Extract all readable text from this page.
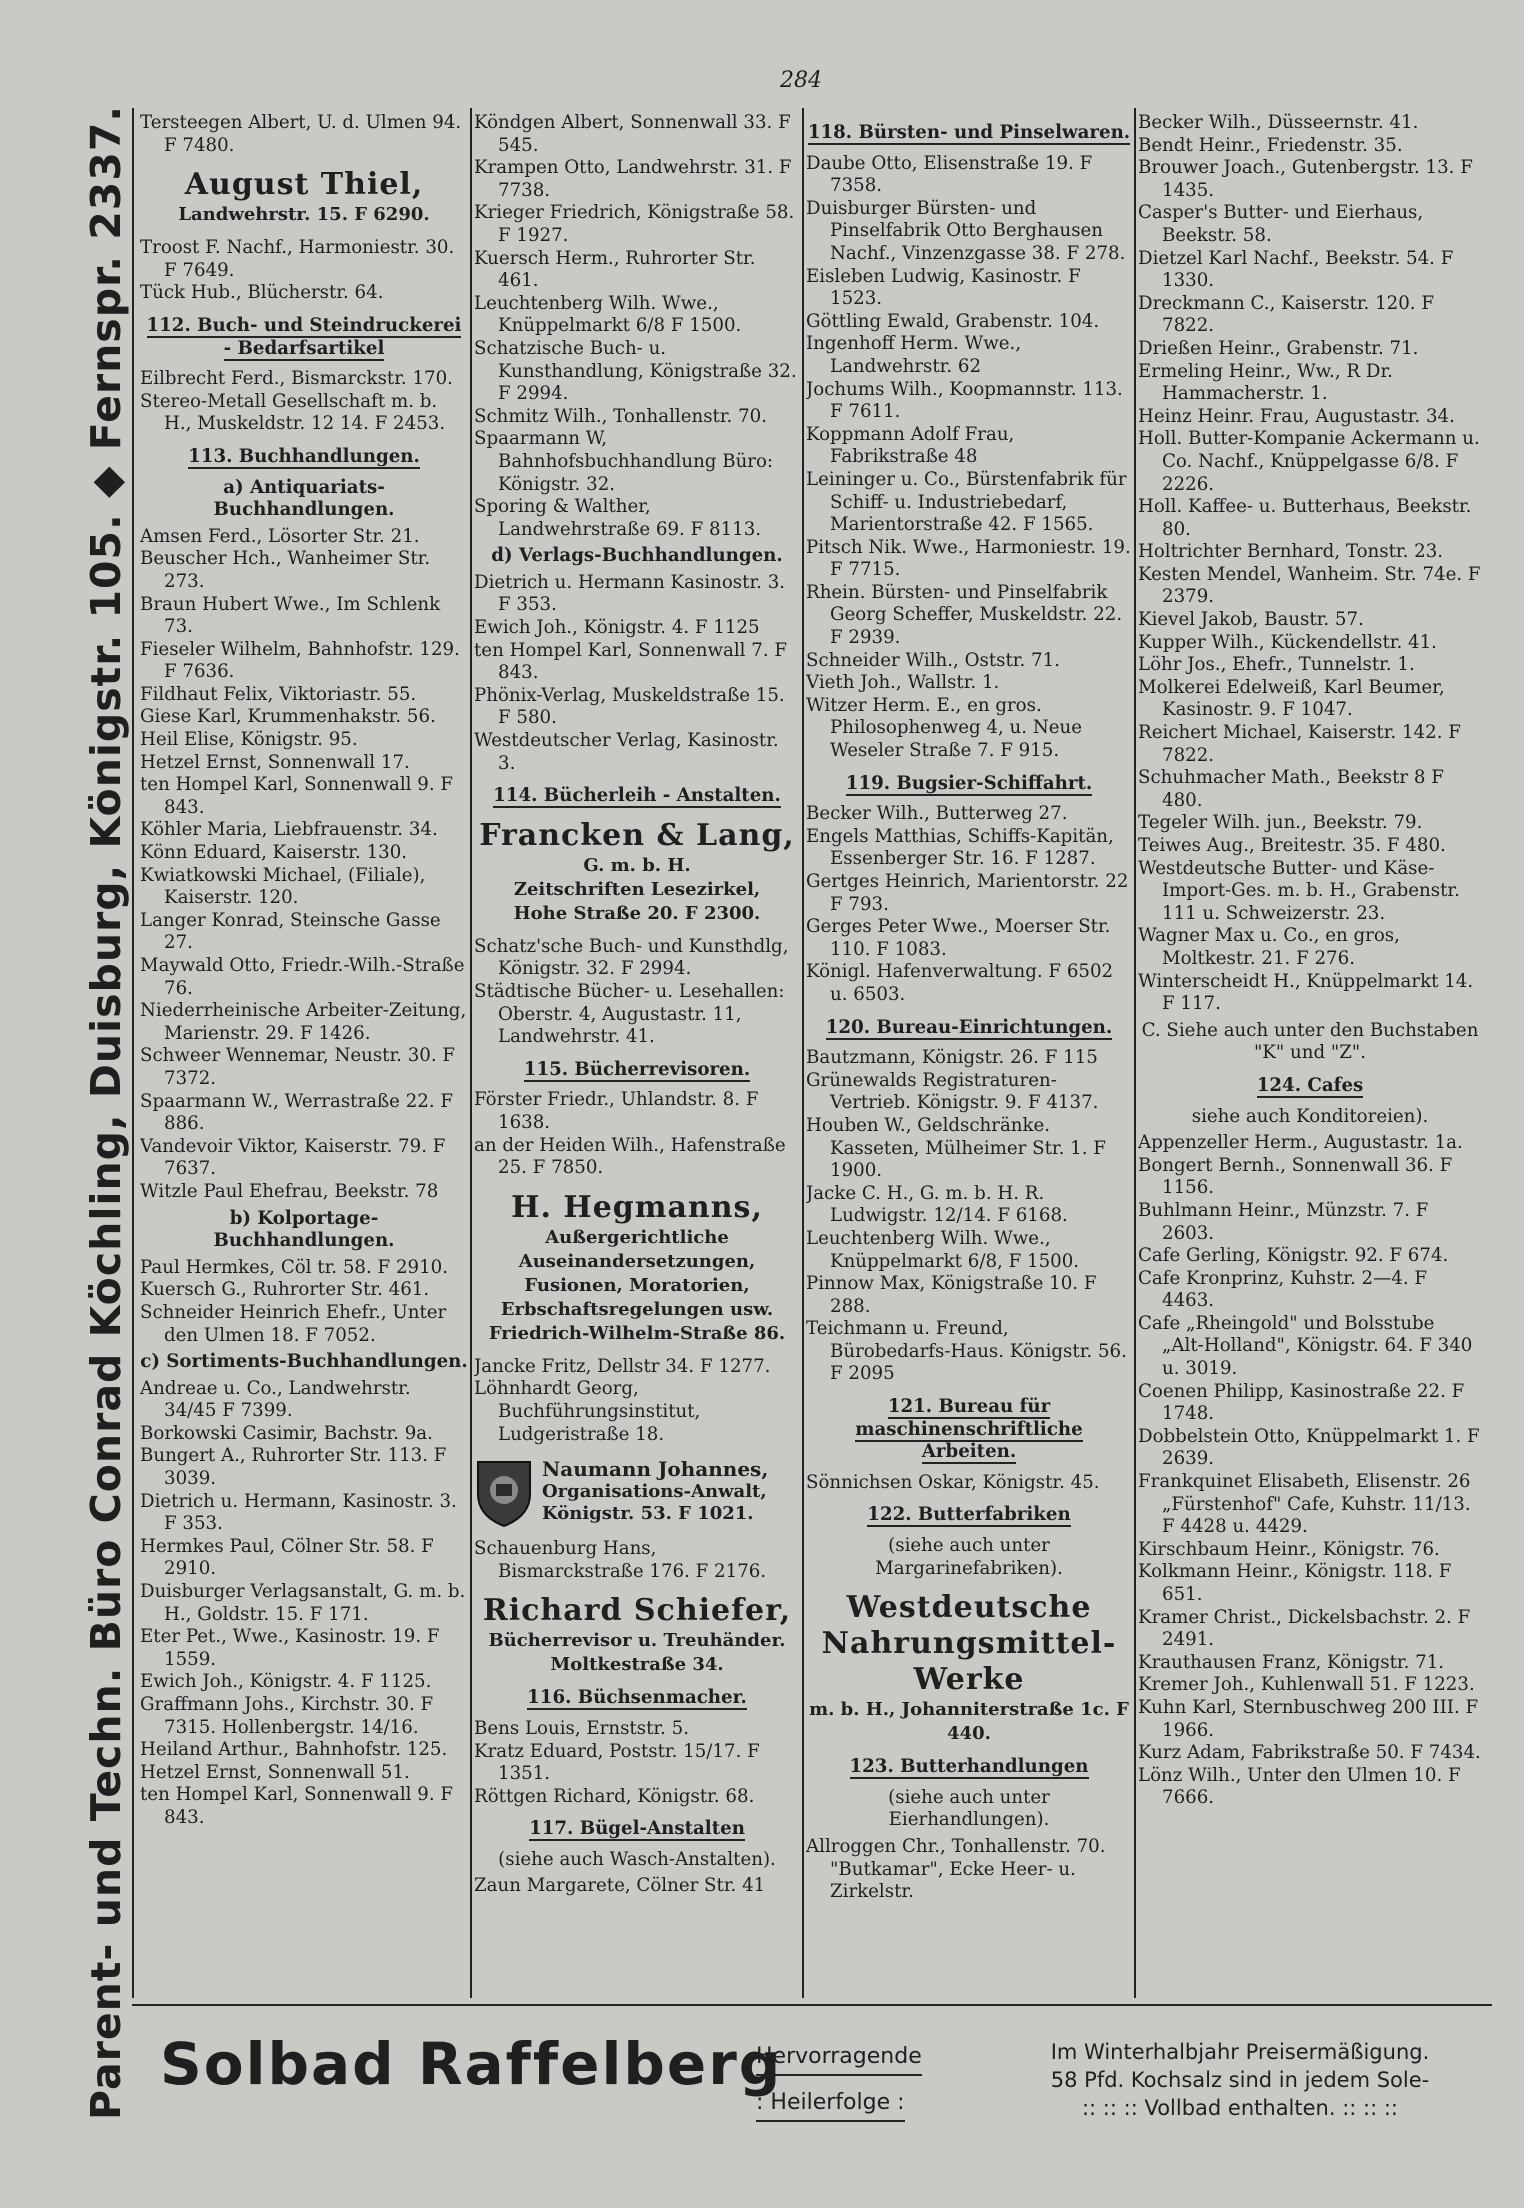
284
Parent- und Techn. Büro Conrad Köchling, Duisburg, Königstr. 105. ◆ Fernspr. 2337. Tersteegen Albert, U. d. Ulmen 94. F 7480.
August Thiel,
Landwehrstr. 15. F 6290.
Troost F. Nachf., Harmoniestr. 30. F 7649.
Tück Hub., Blücherstr. 64.
112. Buch- und Steindruckerei - Bedarfsartikel
Eilbrecht Ferd., Bismarckstr. 170.
Stereo-Metall Gesellschaft m. b. H., Muskeldstr. 12 14. F 2453.
113. Buchhandlungen.
a) Antiquariats-Buchhandlungen.
Amsen Ferd., Lösorter Str. 21.
Beuscher Hch., Wanheimer Str. 273.
Braun Hubert Wwe., Im Schlenk 73.
Fieseler Wilhelm, Bahnhofstr. 129. F 7636.
Fildhaut Felix, Viktoriastr. 55.
Giese Karl, Krummenhakstr. 56.
Heil Elise, Königstr. 95.
Hetzel Ernst, Sonnenwall 17.
ten Hompel Karl, Sonnenwall 9. F 843.
Köhler Maria, Liebfrauenstr. 34.
Könn Eduard, Kaiserstr. 130.
Kwiatkowski Michael, (Filiale), Kaiserstr. 120.
Langer Konrad, Steinsche Gasse 27.
Maywald Otto, Friedr.-Wilh.-Straße 76.
Niederrheinische Arbeiter-Zeitung, Marienstr. 29. F 1426.
Schweer Wennemar, Neustr. 30. F 7372.
Spaarmann W., Werrastraße 22. F 886.
Vandevoir Viktor, Kaiserstr. 79. F 7637.
Witzle Paul Ehefrau, Beekstr. 78
b) Kolportage-Buchhandlungen.
Paul Hermkes, Cöl tr. 58. F 2910.
Kuersch G., Ruhrorter Str. 461.
Schneider Heinrich Ehefr., Unter den Ulmen 18. F 7052.
c) Sortiments-Buchhandlungen.
Andreae u. Co., Landwehrstr. 34/45 F 7399.
Borkowski Casimir, Bachstr. 9a.
Bungert A., Ruhrorter Str. 113. F 3039.
Dietrich u. Hermann, Kasinostr. 3. F 353.
Hermkes Paul, Cölner Str. 58. F 2910.
Duisburger Verlagsanstalt, G. m. b. H., Goldstr. 15. F 171.
Eter Pet., Wwe., Kasinostr. 19. F 1559.
Ewich Joh., Königstr. 4. F 1125.
Graffmann Johs., Kirchstr. 30. F 7315. Hollenbergstr. 14/16.
Heiland Arthur., Bahnhofstr. 125.
Hetzel Ernst, Sonnenwall 51.
ten Hompel Karl, Sonnenwall 9. F 843.
Köndgen Albert, Sonnenwall 33. F 545.
Krampen Otto, Landwehrstr. 31. F 7738.
Krieger Friedrich, Königstraße 58. F 1927.
Kuersch Herm., Ruhrorter Str. 461.
Leuchtenberg Wilh. Wwe., Knüppelmarkt 6/8 F 1500.
Schatzische Buch- u. Kunsthandlung, Königstraße 32. F 2994.
Schmitz Wilh., Tonhallenstr. 70.
Spaarmann W, Bahnhofsbuchhandlung Büro: Königstr. 32.
Sporing & Walther, Landwehrstraße 69. F 8113.
d) Verlags-Buchhandlungen.
Dietrich u. Hermann Kasinostr. 3. F 353.
Ewich Joh., Königstr. 4. F 1125
ten Hompel Karl, Sonnenwall 7. F 843.
Phönix-Verlag, Muskeldstraße 15. F 580.
Westdeutscher Verlag, Kasinostr. 3.
114. Bücherleih - Anstalten.
Francken & Lang,
G. m. b. H.
Zeitschriften Lesezirkel,
Hohe Straße 20. F 2300.
Schatz'sche Buch- und Kunsthdlg, Königstr. 32. F 2994.
Städtische Bücher- u. Lesehallen: Oberstr. 4, Augustastr. 11, Landwehrstr. 41.
115. Bücherrevisoren.
Förster Friedr., Uhlandstr. 8. F 1638.
an der Heiden Wilh., Hafenstraße 25. F 7850.
H. Hegmanns,
Außergerichtliche Auseinandersetzungen, Fusionen, Moratorien, Erbschaftsregelungen usw.
Friedrich-Wilhelm-Straße 86.
Jancke Fritz, Dellstr 34. F 1277.
Löhnhardt Georg, Buchführungsinstitut, Ludgeristraße 18.
Naumann Johannes,
Organisations-Anwalt,
Königstr. 53. F 1021.
Schauenburg Hans, Bismarckstraße 176. F 2176.
Richard Schiefer,
Bücherrevisor u. Treuhänder.
Moltkestraße 34.
116. Büchsenmacher.
Bens Louis, Ernststr. 5.
Kratz Eduard, Poststr. 15/17. F 1351.
Röttgen Richard, Königstr. 68.
117. Bügel-Anstalten
(siehe auch Wasch-Anstalten).
Zaun Margarete, Cölner Str. 41
118. Bürsten- und Pinselwaren.
Daube Otto, Elisenstraße 19. F 7358.
Duisburger Bürsten- und Pinselfabrik Otto Berghausen Nachf., Vinzenzgasse 38. F 278.
Eisleben Ludwig, Kasinostr. F 1523.
Göttling Ewald, Grabenstr. 104.
Ingenhoff Herm. Wwe., Landwehrstr. 62
Jochums Wilh., Koopmannstr. 113. F 7611.
Koppmann Adolf Frau, Fabrikstraße 48
Leininger u. Co., Bürstenfabrik für Schiff- u. Industriebedarf, Marientorstraße 42. F 1565.
Pitsch Nik. Wwe., Harmoniestr. 19. F 7715.
Rhein. Bürsten- und Pinselfabrik Georg Scheffer, Muskeldstr. 22. F 2939.
Schneider Wilh., Oststr. 71.
Vieth Joh., Wallstr. 1.
Witzer Herm. E., en gros. Philosophenweg 4, u. Neue Weseler Straße 7. F 915.
119. Bugsier-Schiffahrt.
Becker Wilh., Butterweg 27.
Engels Matthias, Schiffs-Kapitän, Essenberger Str. 16. F 1287.
Gertges Heinrich, Marientorstr. 22 F 793.
Gerges Peter Wwe., Moerser Str. 110. F 1083.
Königl. Hafenverwaltung. F 6502 u. 6503.
120. Bureau-Einrichtungen.
Bautzmann, Königstr. 26. F 115
Grünewalds Registraturen-Vertrieb. Königstr. 9. F 4137.
Houben W., Geldschränke. Kasseten, Mülheimer Str. 1. F 1900.
Jacke C. H., G. m. b. H. R. Ludwigstr. 12/14. F 6168.
Leuchtenberg Wilh. Wwe., Knüppelmarkt 6/8, F 1500.
Pinnow Max, Königstraße 10. F 288.
Teichmann u. Freund, Bürobedarfs-Haus. Königstr. 56. F 2095
121. Bureau für maschinenschriftliche Arbeiten.
Sönnichsen Oskar, Königstr. 45.
122. Butterfabriken
(siehe auch unter Margarinefabriken).
Westdeutsche Nahrungsmittel-Werke
m. b. H., Johanniterstraße 1c. F 440.
123. Butterhandlungen
(siehe auch unter Eierhandlungen).
Allroggen Chr., Tonhallenstr. 70. "Butkamar", Ecke Heer- u. Zirkelstr.
Becker Wilh., Düsseernstr. 41.
Bendt Heinr., Friedenstr. 35.
Brouwer Joach., Gutenbergstr. 13. F 1435.
Casper's Butter- und Eierhaus, Beekstr. 58.
Dietzel Karl Nachf., Beekstr. 54. F 1330.
Dreckmann C., Kaiserstr. 120. F 7822.
Drießen Heinr., Grabenstr. 71.
Ermeling Heinr., Ww., R Dr. Hammacherstr. 1.
Heinz Heinr. Frau, Augustastr. 34.
Holl. Butter-Kompanie Ackermann u. Co. Nachf., Knüppelgasse 6/8. F 2226.
Holl. Kaffee- u. Butterhaus, Beekstr. 80.
Holtrichter Bernhard, Tonstr. 23.
Kesten Mendel, Wanheim. Str. 74e. F 2379.
Kievel Jakob, Baustr. 57.
Kupper Wilh., Kückendellstr. 41.
Löhr Jos., Ehefr., Tunnelstr. 1.
Molkerei Edelweiß, Karl Beumer, Kasinostr. 9. F 1047.
Reichert Michael, Kaiserstr. 142. F 7822.
Schuhmacher Math., Beekstr 8 F 480.
Tegeler Wilh. jun., Beekstr. 79.
Teiwes Aug., Breitestr. 35. F 480.
Westdeutsche Butter- und Käse-Import-Ges. m. b. H., Grabenstr. 111 u. Schweizerstr. 23.
Wagner Max u. Co., en gros, Moltkestr. 21. F 276.
Winterscheidt H., Knüppelmarkt 14. F 117.
C. Siehe auch unter den Buchstaben "K" und "Z".
124. Cafes
siehe auch Konditoreien).
Appenzeller Herm., Augustastr. 1a.
Bongert Bernh., Sonnenwall 36. F 1156.
Buhlmann Heinr., Münzstr. 7. F 2603.
Cafe Gerling, Königstr. 92. F 674.
Cafe Kronprinz, Kuhstr. 2—4. F 4463.
Cafe „Rheingold" und Bolsstube „Alt-Holland", Königstr. 64. F 340 u. 3019.
Coenen Philipp, Kasinostraße 22. F 1748.
Dobbelstein Otto, Knüppelmarkt 1. F 2639.
Frankquinet Elisabeth, Elisenstr. 26 „Fürstenhof" Cafe, Kuhstr. 11/13. F 4428 u. 4429.
Kirschbaum Heinr., Königstr. 76.
Kolkmann Heinr., Königstr. 118. F 651.
Kramer Christ., Dickelsbachstr. 2. F 2491.
Krauthausen Franz, Königstr. 71.
Kremer Joh., Kuhlenwall 51. F 1223.
Kuhn Karl, Sternbuschweg 200 III. F 1966.
Kurz Adam, Fabrikstraße 50. F 7434.
Lönz Wilh., Unter den Ulmen 10. F 7666.
Solbad Raffelberg
Hervorragende
: Heilerfolge :
Im Winterhalbjahr Preisermäßigung.
58 Pfd. Kochsalz sind in jedem Sole-
:: :: :: Vollbad enthalten. :: :: ::
